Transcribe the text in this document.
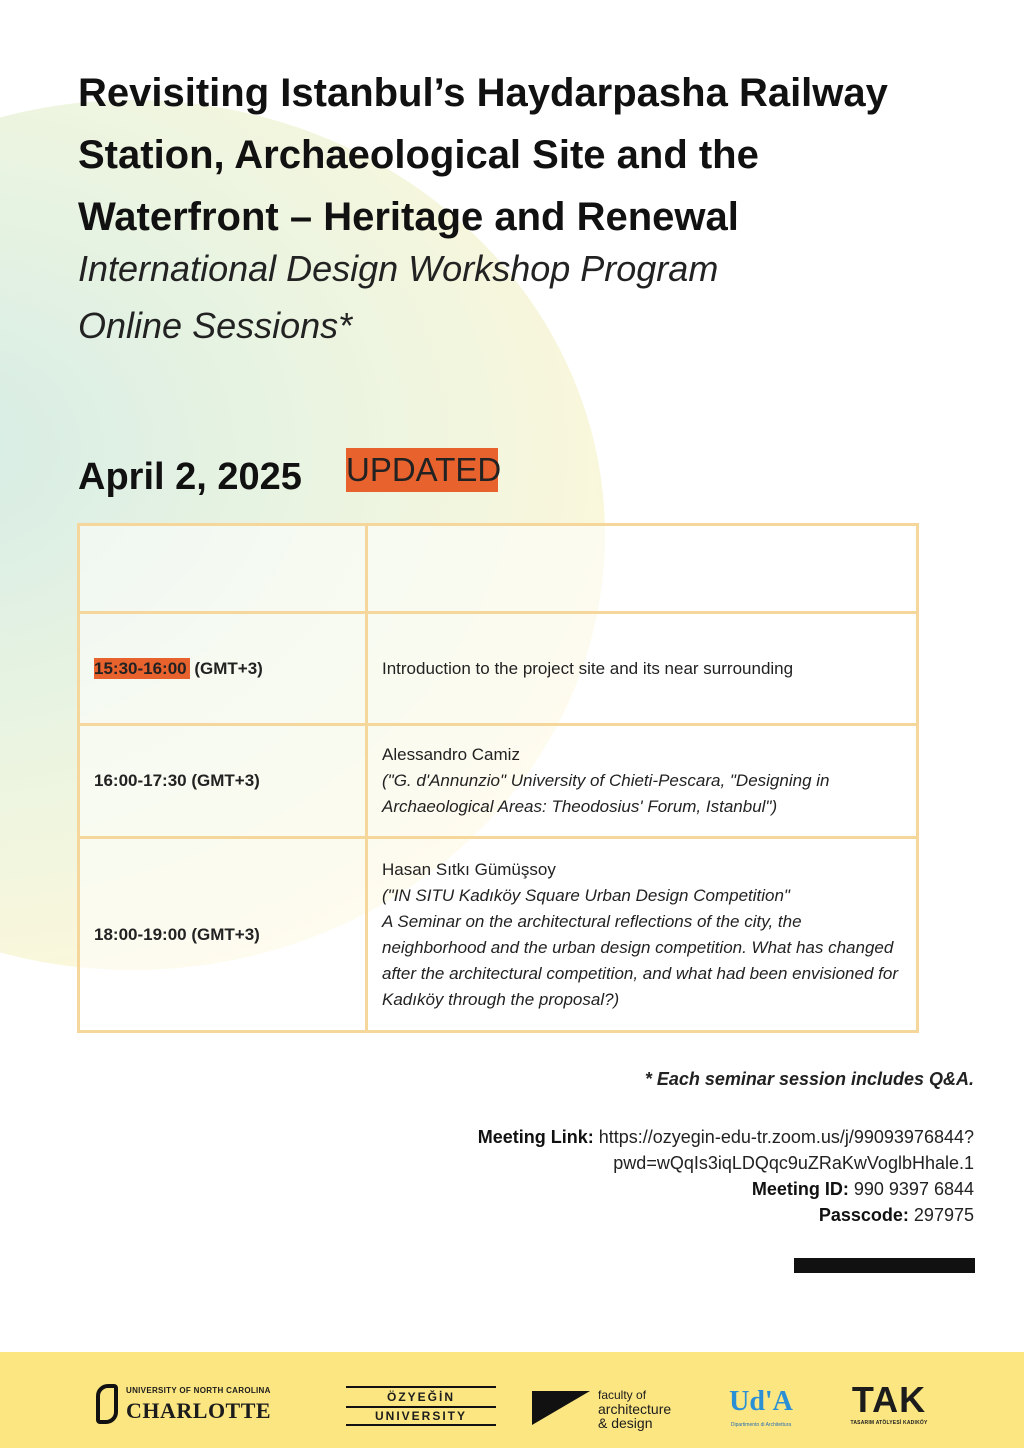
Revisiting Istanbul’s Haydarpasha Railway Station, Archaeological Site and the Waterfront – Heritage and Renewal
International Design Workshop Program
Online Sessions*
April 2, 2025 UPDATED

15:30-16:00 (GMT+3)	Introduction to the project site and its near surrounding
16:00-17:30 (GMT+3)	Alessandro Camiz
("G. d'Annunzio" University of Chieti-Pescara, "Designing in Archaeological Areas: Theodosius' Forum, Istanbul")

18:00-19:00 (GMT+3)	Hasan Sıtkı Gümüşsoy
("IN SITU Kadıköy Square Urban Design Competition"
A Seminar on the architectural reflections of the city, the neighborhood and the urban design competition. What has changed after the architectural competition, and what had been envisioned for Kadıköy through the proposal?)
* Each seminar session includes Q&A.
Meeting Link: https://ozyegin-edu-tr.zoom.us/j/99093976844?
pwd=wQqIs3iqLDQqc9uZRaKwVoglbHhale.1
Meeting ID: 990 9397 6844
Passcode: 297975
UNIVERSITY OF NORTH CAROLINA
CHARLOTTE
ÖZYEĞİN
UNIVERSITY
faculty of
architecture
& design
Ud'A
Dipartimento di Architettura
TAK
TASARIM ATÖLYESİ KADIKÖY
